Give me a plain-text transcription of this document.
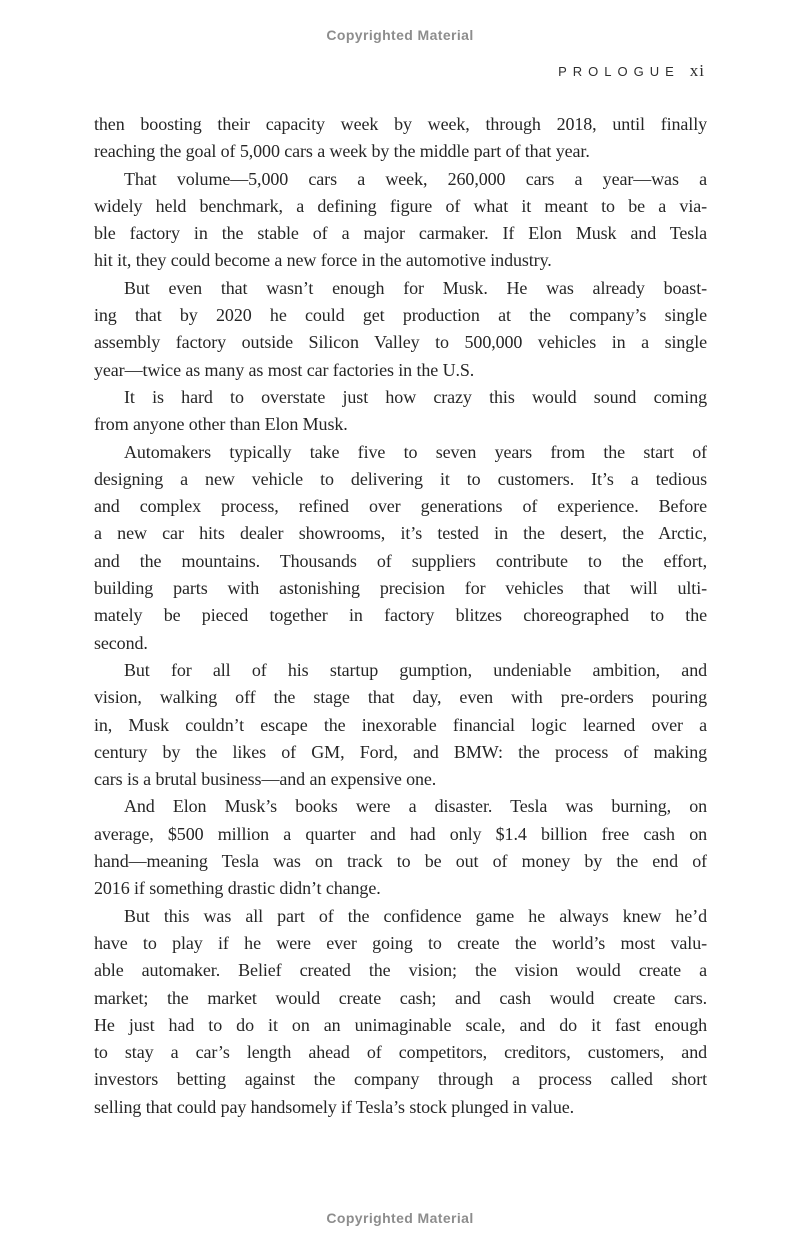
Copyrighted Material
PROLOGUE xi
then boosting their capacity week by week, through 2018, until finally
reaching the goal of 5,000 cars a week by the middle part of that year.
That volume—5,000 cars a week, 260,000 cars a year—was a
widely held benchmark, a defining figure of what it meant to be a via-
ble factory in the stable of a major carmaker. If Elon Musk and Tesla
hit it, they could become a new force in the automotive industry.
But even that wasn’t enough for Musk. He was already boast-
ing that by 2020 he could get production at the company’s single
assembly factory outside Silicon Valley to 500,000 vehicles in a single
year—twice as many as most car factories in the U.S.
It is hard to overstate just how crazy this would sound coming
from anyone other than Elon Musk.
Automakers typically take five to seven years from the start of
designing a new vehicle to delivering it to customers. It’s a tedious
and complex process, refined over generations of experience. Before
a new car hits dealer showrooms, it’s tested in the desert, the Arctic,
and the mountains. Thousands of suppliers contribute to the effort,
building parts with astonishing precision for vehicles that will ulti-
mately be pieced together in factory blitzes choreographed to the
second.
But for all of his startup gumption, undeniable ambition, and
vision, walking off the stage that day, even with pre-orders pouring
in, Musk couldn’t escape the inexorable financial logic learned over a
century by the likes of GM, Ford, and BMW: the process of making
cars is a brutal business—and an expensive one.
And Elon Musk’s books were a disaster. Tesla was burning, on
average, $500 million a quarter and had only $1.4 billion free cash on
hand—meaning Tesla was on track to be out of money by the end of
2016 if something drastic didn’t change.
But this was all part of the confidence game he always knew he’d
have to play if he were ever going to create the world’s most valu-
able automaker. Belief created the vision; the vision would create a
market; the market would create cash; and cash would create cars.
He just had to do it on an unimaginable scale, and do it fast enough
to stay a car’s length ahead of competitors, creditors, customers, and
investors betting against the company through a process called short
selling that could pay handsomely if Tesla’s stock plunged in value.
Copyrighted Material
